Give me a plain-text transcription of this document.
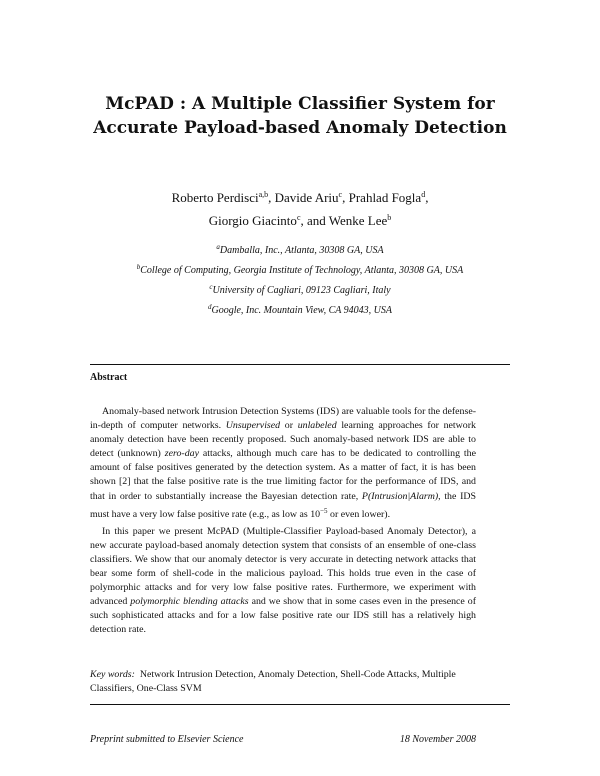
McPAD : A Multiple Classifier System for
Accurate Payload-based Anomaly Detection
Roberto Perdisci$^{a,b}$, Davide Ariu$^c$, Prahlad Fogla$^d$,
Giorgio Giacinto$^c$, and Wenke Lee$^b$
$^a$Damballa, Inc., Atlanta, 30308 GA, USA
$^b$College of Computing, Georgia Institute of Technology, Atlanta, 30308 GA, USA
$^c$University of Cagliari, 09123 Cagliari, Italy
$^d$Google, Inc. Mountain View, CA 94043, USA
Abstract

Anomaly-based network Intrusion Detection Systems (IDS) are valuable tools for the defense-in-depth of computer networks. Unsupervised or unlabeled learning approaches for network anomaly detection have been recently proposed. Such anomaly-based network IDS are able to detect (unknown) zero-day attacks, although much care has to be dedicated to controlling the amount of false positives generated by the detection system. As a matter of fact, it is has been shown [2] that the false positive rate is the true limiting factor for the performance of IDS, and that in order to substantially increase the Bayesian detection rate, P(Intrusion|Alarm), the IDS must have a very low false positive rate (e.g., as low as $10^{-5}$ or even lower).

In this paper we present McPAD (Multiple-Classifier Payload-based Anomaly Detector), a new accurate payload-based anomaly detection system that consists of an ensemble of one-class classifiers. We show that our anomaly detector is very accurate in detecting network attacks that bear some form of shell-code in the malicious payload. This holds true even in the case of polymorphic attacks and for very low false positive rates. Furthermore, we experiment with advanced polymorphic blending attacks and we show that in some cases even in the presence of such sophisticated attacks and for a low false positive rate our IDS still has a relatively high detection rate.

Key words: Network Intrusion Detection, Anomaly Detection, Shell-Code Attacks, Multiple Classifiers, One-Class SVM
Preprint submitted to Elsevier Science	18 November 2008
